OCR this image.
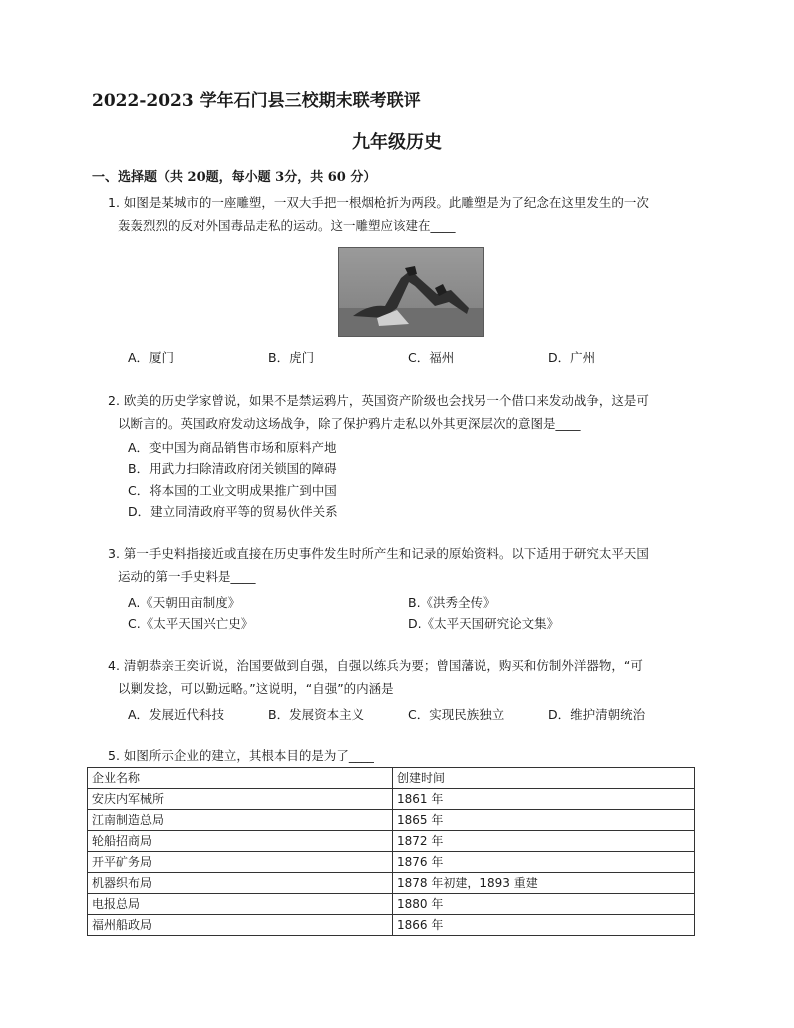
2022-2023 学年石门县三校期末联考联评
九年级历史
一、选择题（共 20题，每小题 3分，共 60 分）
1. 如图是某城市的一座雕塑，一双大手把一根烟枪折为两段。此雕塑是为了纪念在这里发生的一次
轰轰烈烈的反对外国毒品走私的运动。这一雕塑应该建在____
A．厦门	B．虎门	C．福州	D．广州
2. 欧美的历史学家曾说，如果不是禁运鸦片，英国资产阶级也会找另一个借口来发动战争，这是可
以断言的。英国政府发动这场战争，除了保护鸦片走私以外其更深层次的意图是____
A．变中国为商品销售市场和原料产地
B．用武力扫除清政府闭关锁国的障碍
C．将本国的工业文明成果推广到中国
D．建立同清政府平等的贸易伙伴关系
3. 第一手史料指接近或直接在历史事件发生时所产生和记录的原始资料。以下适用于研究太平天国
运动的第一手史料是____
A.《天朝田亩制度》	B.《洪秀全传》
C.《太平天国兴亡史》	D.《太平天国研究论文集》
4. 清朝恭亲王奕䜣说，治国要做到自强，自强以练兵为要；曾国藩说，购买和仿制外洋器物，“可
以剿发捻，可以勤远略。”这说明，“自强”的内涵是
A．发展近代科技	B．发展资本主义	C．实现民族独立	D．维护清朝统治
5. 如图所示企业的建立，其根本目的是为了____
企业名称	创建时间
安庆内军械所	1861 年
江南制造总局	1865 年
轮船招商局	1872 年
开平矿务局	1876 年
机器织布局	1878 年初建，1893 重建
电报总局	1880 年
福州船政局	1866 年
